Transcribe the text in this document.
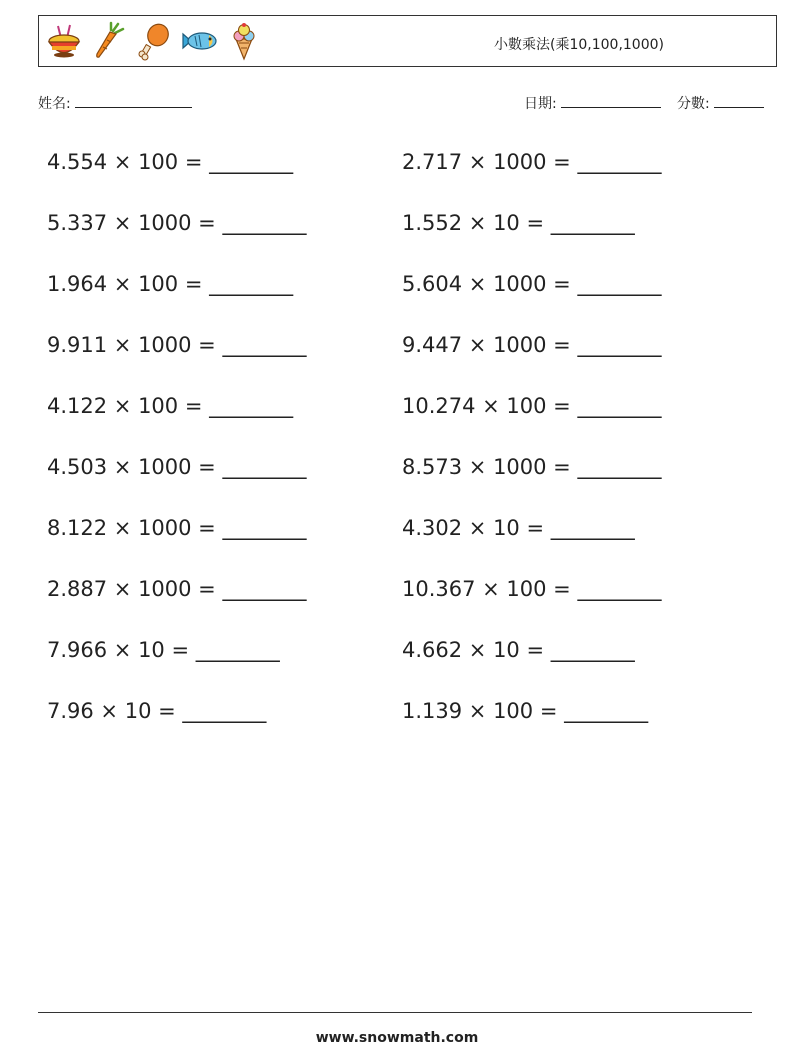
小數乘法(乘10,100,1000)
姓名:	日期:	分數:
4.554 × 100 = ________
5.337 × 1000 = ________
1.964 × 100 = ________
9.911 × 1000 = ________
4.122 × 100 = ________
4.503 × 1000 = ________
8.122 × 1000 = ________
2.887 × 1000 = ________
7.966 × 10 = ________
7.96 × 10 = ________
2.717 × 1000 = ________
1.552 × 10 = ________
5.604 × 1000 = ________
9.447 × 1000 = ________
10.274 × 100 = ________
8.573 × 1000 = ________
4.302 × 10 = ________
10.367 × 100 = ________
4.662 × 10 = ________
1.139 × 100 = ________
www.snowmath.com
